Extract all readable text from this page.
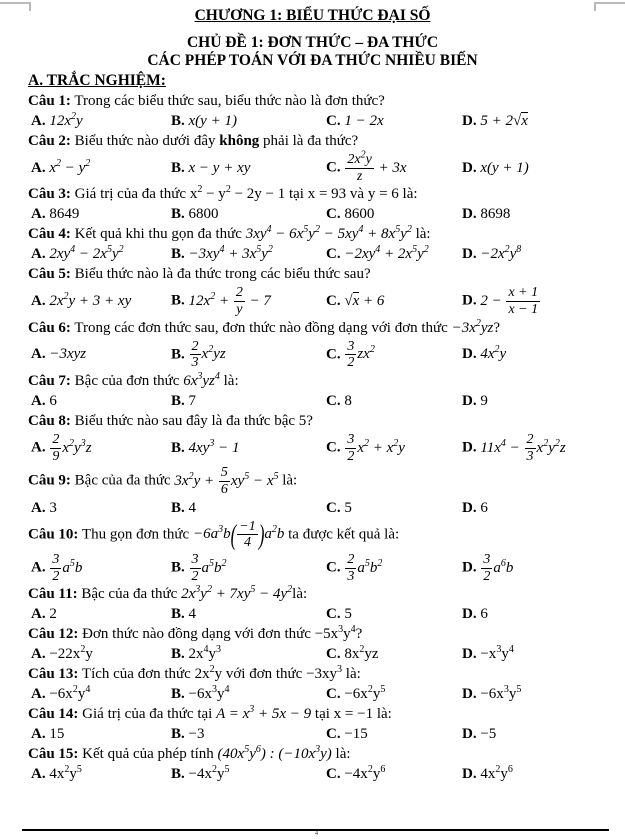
CHƯƠNG 1: BIỂU THỨC ĐẠI SỐ
CHỦ ĐỀ 1: ĐƠN THỨC – ĐA THỨC
CÁC PHÉP TOÁN VỚI ĐA THỨC NHIỀU BIẾN
A. TRẮC NGHIỆM:
Câu 1: Trong các biểu thức sau, biểu thức nào là đơn thức?
A. $12x^2y$	B. x(y + 1)	C. 1 − 2x	D. 5 + 2√x
Câu 2: Biểu thức nào dưới đây không phải là đa thức?
A. $x^2 - y^2$	B. x − y + xy	C. $\frac{2x^2y}{z} + 3x$	D. x(y + 1)
Câu 3: Giá trị của đa thức $x^2 - y^2 - 2y - 1$ tại x = 93 và y = 6 là:
A. 8649	B. 6800	C. 8600	D. 8698
Câu 4: Kết quả khi thu gọn đa thức $3xy^4 - 6x^5y^2 - 5xy^4 + 8x^5y^2$ là:
A. $2xy^4 - 2x^5y^2$	B. $-3xy^4 + 3x^5y^2$	C. $-2xy^4 + 2x^5y^2$	D. $-2x^2y^8$
Câu 5: Biểu thức nào là đa thức trong các biểu thức sau?
A. $2x^2y + 3$ + xy	B. $12x^2 + \frac{2}{y} - 7$	C. √x + 6	D. $2 - \frac{x + 1}{x - 1}$
Câu 6: Trong các đơn thức sau, đơn thức nào đồng dạng với đơn thức $-3x^2yz$?
A. −3xyz	B. $\frac{2}{3} x^2yz$	C. $\frac{3}{2} zx^2$	D. $4x^2y$
Câu 7: Bậc của đơn thức $6x^3yz^4$ là:
A. 6	B. 7	C. 8	D. 9
Câu 8: Biểu thức nào sau đây là đa thức bậc 5?
A. $\frac{2}{9} x^2y^3z$	B. $4xy^3 - 1$	C. $\frac{3}{2} x^2 + x^2y$	D. $11x^4 - \frac{2}{3} x^2y^2z$
Câu 9: Bậc của đa thức $3x^2y + \frac{5}{6} xy^5 - x^5$ là:
A. 3	B. 4	C. 5	D. 6
Câu 10: Thu gọn đơn thức $-6a^3b( \frac{-1}{4} )a^2b$ ta được kết quả là:
A. $\frac{3}{2} a^5b$	B. $\frac{3}{2} a^5b^2$	C. $\frac{2}{3} a^5b^2$	D. $\frac{3}{2} a^6b$
Câu 11: Bậc của đa thức $2x^3y^2 + 7xy^5$ − $4y^2là$:
A. 2	B. 4	C. 5	D. 6
Câu 12: Đơn thức nào đồng dạng với đơn thức $-5x^3y^4$?
A. $-22x^2y$	B. $2x^4y^3$	C. $8x^2yz$	D. $-x^3y^4$
Câu 13: Tích của đơn thức $2x^2y$ với đơn thức $-3xy^3$ là:
A. $-6x^2y^4$	B. $-6x^3y^4$	C. $-6x^2y^5$	D. $-6x^3y^5$
Câu 14: Giá trị của đa thức tại $A = x^3 + 5x - 9$ tại x = −1 là:
A. 15	B. −3	C. −15	D. −5
Câu 15: Kết quả của phép tính $(40x^5y^6)$ : $(-10x^3y)$ là:
A. $4x^2y^5$	B. $-4x^2y^5$	C. $-4x^2y^6$	D. $4x^2y^6$
4
